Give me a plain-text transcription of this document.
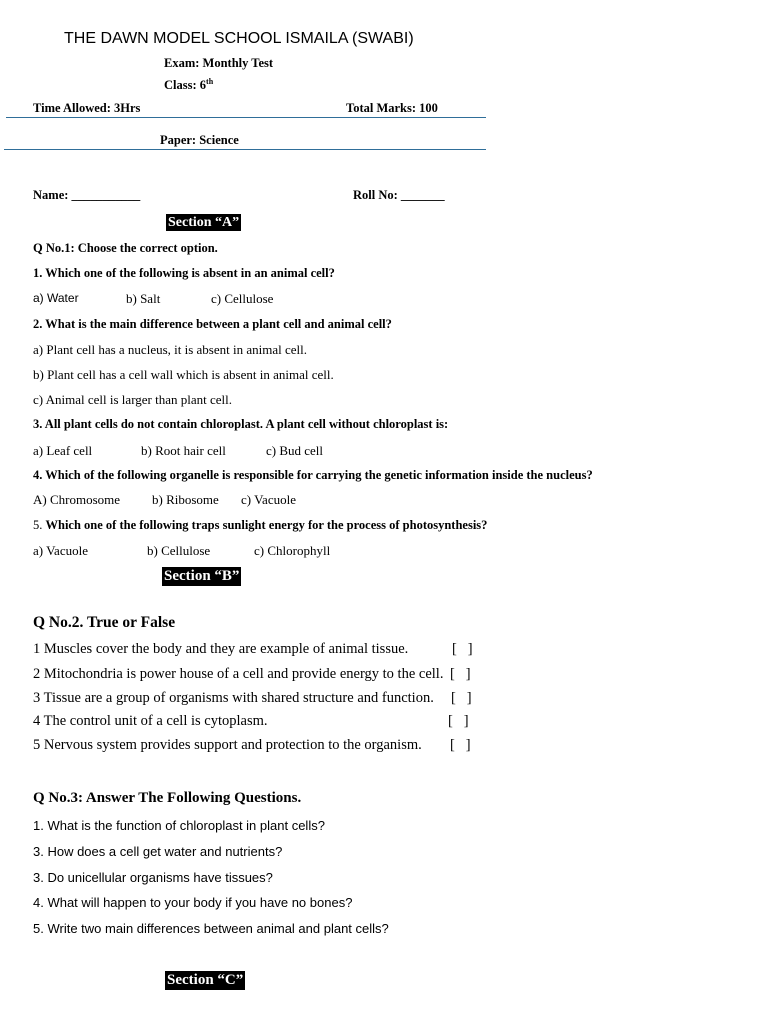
THE DAWN MODEL SCHOOL ISMAILA (SWABI)
Exam: Monthly Test
Class: 6th
Time Allowed: 3Hrs	Total Marks: 100
Paper: Science
Name: ___________	Roll No: _______
Section “A”
Q No.1: Choose the correct option.
1. Which one of the following is absent in an animal cell?
a) Water	b) Salt	c) Cellulose
2. What is the main difference between a plant cell and animal cell?
a) Plant cell has a nucleus, it is absent in animal cell.
b) Plant cell has a cell wall which is absent in animal cell.
c) Animal cell is larger than plant cell.
3. All plant cells do not contain chloroplast. A plant cell without chloroplast is:
a) Leaf cell	b) Root hair cell	c) Bud cell
4. Which of the following organelle is responsible for carrying the genetic information inside the nucleus?
A) Chromosome b) Ribosome c) Vacuole
5. Which one of the following traps sunlight energy for the process of photosynthesis?
a) Vacuole	b) Cellulose	c) Chlorophyll
Section “B”
Q No.2. True or False
1 Muscles cover the body and they are example of animal tissue.	[   ]
2 Mitochondria is power house of a cell and provide energy to the cell. [   ]
3 Tissue are a group of organisms with shared structure and function. [   ]
4 The control unit of a cell is cytoplasm.	[   ]
5 Nervous system provides support and protection to the organism. [   ]
Q No.3: Answer The Following Questions.
1. What is the function of chloroplast in plant cells?
3. How does a cell get water and nutrients?
3. Do unicellular organisms have tissues?
4. What will happen to your body if you have no bones?
5. Write two main differences between animal and plant cells?
Section “C”
